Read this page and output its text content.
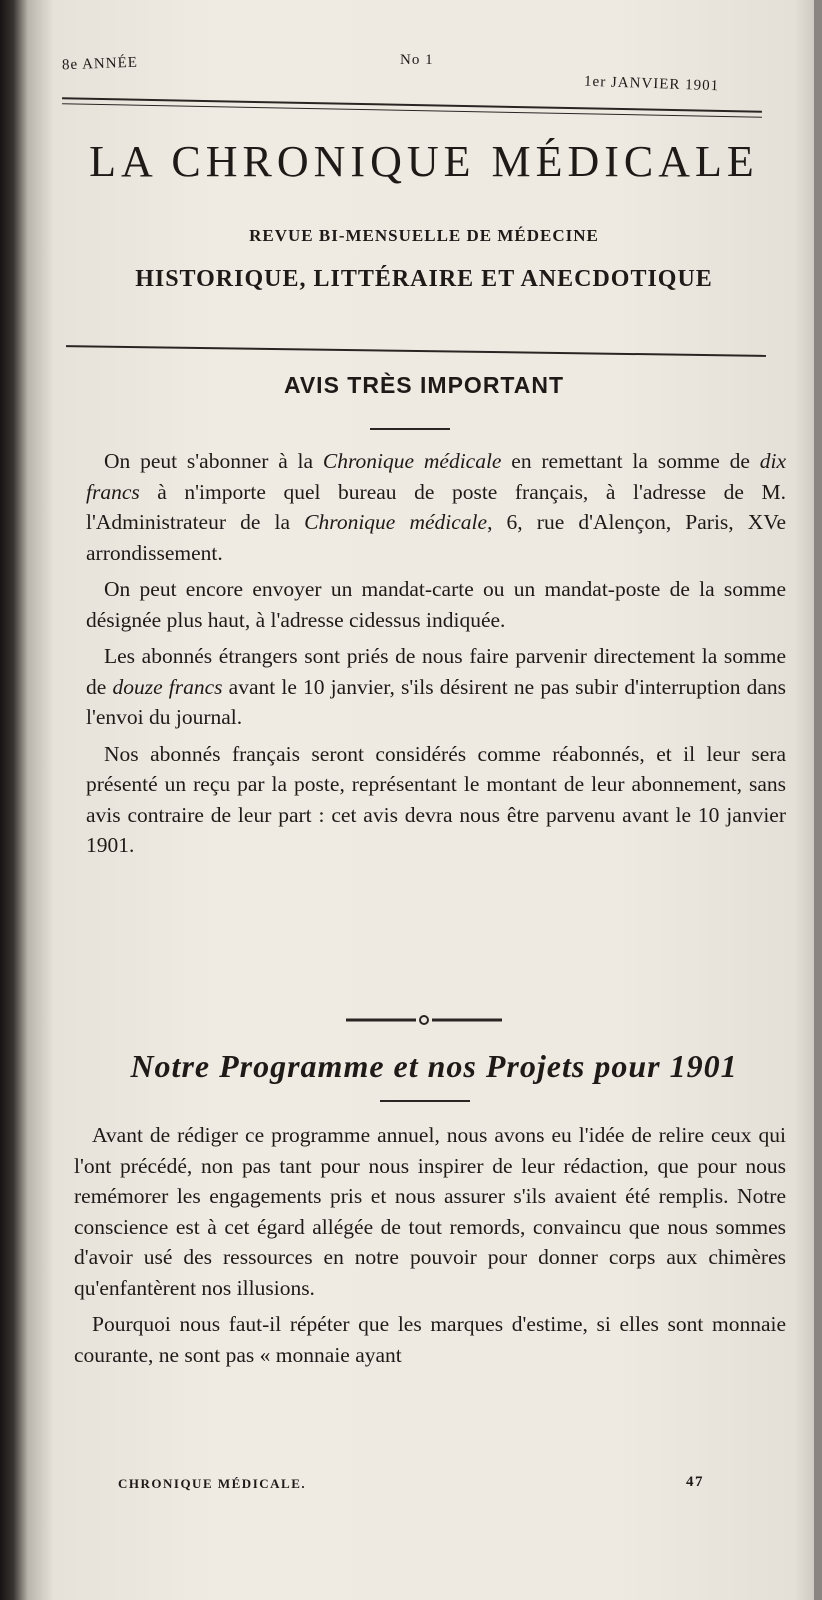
8e ANNÉE	No 1
1er JANVIER 1901
LA CHRONIQUE MÉDICALE
REVUE BI-MENSUELLE DE MÉDECINE
HISTORIQUE, LITTÉRAIRE ET ANECDOTIQUE
AVIS TRÈS IMPORTANT

On peut s'abonner à la Chronique médicale en remettant la somme de dix francs à n'importe quel bureau de poste français, à l'adresse de M. l'Administrateur de la Chronique médicale, 6, rue d'Alençon, Paris, XVe arrondissement.

On peut encore envoyer un mandat-carte ou un mandat-poste de la somme désignée plus haut, à l'adresse cidessus indiquée.

Les abonnés étrangers sont priés de nous faire parvenir directement la somme de douze francs avant le 10 janvier, s'ils désirent ne pas subir d'interruption dans l'envoi du journal.

Nos abonnés français seront considérés comme réabonnés, et il leur sera présenté un reçu par la poste, représentant le montant de leur abonnement, sans avis contraire de leur part : cet avis devra nous être parvenu avant le 10 janvier 1901.

Notre Programme et nos Projets pour 1901

Avant de rédiger ce programme annuel, nous avons eu l'idée de relire ceux qui l'ont précédé, non pas tant pour nous inspirer de leur rédaction, que pour nous remémorer les engagements pris et nous assurer s'ils avaient été remplis. Notre conscience est à cet égard allégée de tout remords, convaincu que nous sommes d'avoir usé des ressources en notre pouvoir pour donner corps aux chimères qu'enfantèrent nos illusions.

Pourquoi nous faut-il répéter que les marques d'estime, si elles sont monnaie courante, ne sont pas « monnaie ayant

CHRONIQUE MÉDICALE.	47
